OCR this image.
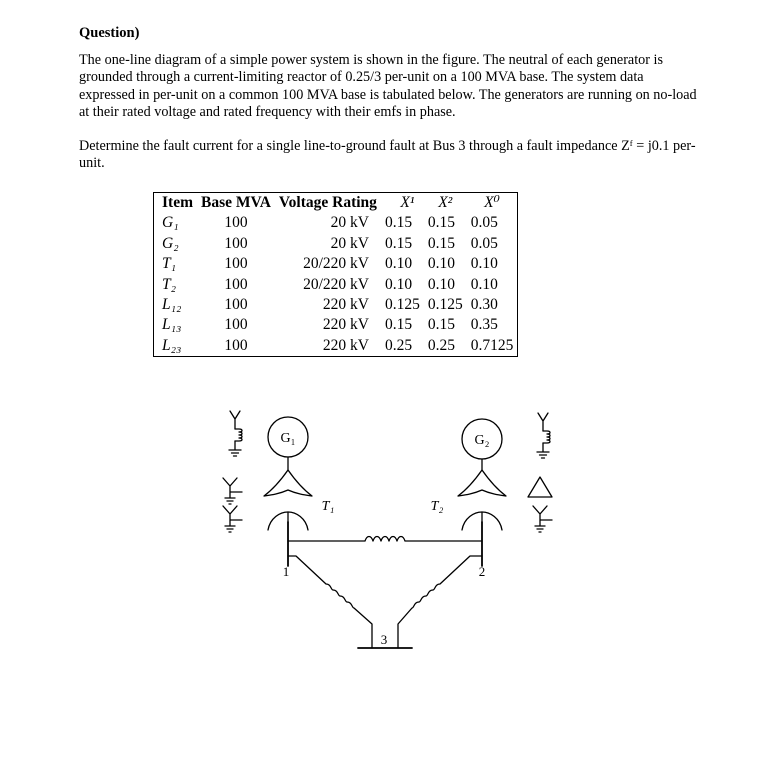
Question)

The one-line diagram of a simple power system is shown in the figure. The neutral of each generator is grounded through a current-limiting reactor of 0.25/3 per-unit on a 100 MVA base. The system data expressed in per-unit on a common 100 MVA base is tabulated below. The generators are running on no-load at their rated voltage and rated frequency with their emfs in phase.

Determine the fault current for a single line-to-ground fault at Bus 3 through a fault impedance Zᶠ = j0.1 per-unit.

Item	Base MVA	Voltage Rating	X¹	X²	X⁰
G₁	100	20 kV	0.15	0.15	0.05
G₂	100	20 kV	0.15	0.15	0.05
T₁	100	20/220 kV	0.10	0.10	0.10
T₂	100	20/220 kV	0.10	0.10	0.10
L₁₂	100	220 kV	0.125	0.125	0.30
L₁₃	100	220 kV	0.15	0.15	0.35
L₂₃	100	220 kV	0.25	0.25	0.7125
G₁
T₁
G₂
T₂
1	2
3
